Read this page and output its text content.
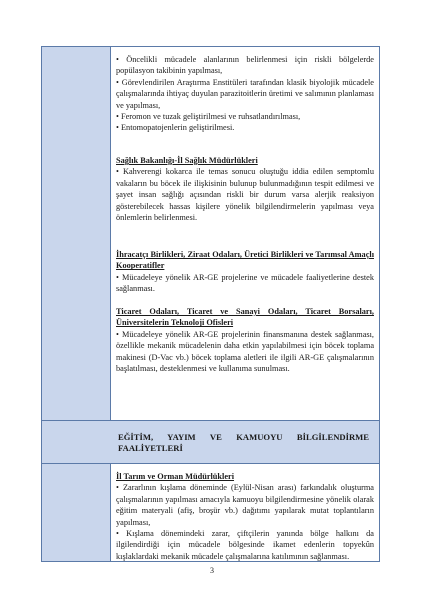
• Öncelikli mücadele alanlarının belirlenmesi için riskli bölgelerde popülasyon takibinin yapılması,

• Görevlendirilen Araştırma Enstitüleri tarafından klasik biyolojik mücadele çalışmalarında ihtiyaç duyulan parazitoitlerin üretimi ve salımının planlaması ve yapılması,

• Feromon ve tuzak geliştirilmesi ve ruhsatlandırılması,

• Entomopatojenlerin geliştirilmesi.

Sağlık Bakanlığı-İl Sağlık Müdürlükleri

• Kahverengi kokarca ile temas sonucu oluştuğu iddia edilen semptomlu vakaların bu böcek ile ilişkisinin bulunup bulunmadığının tespit edilmesi ve şayet insan sağlığı açısından riskli bir durum varsa alerjik reaksiyon gösterebilecek hassas kişilere yönelik bilgilendirmelerin yapılması veya önlemlerin belirlenmesi.

İhracatçı Birlikleri, Ziraat Odaları, Üretici Birlikleri ve Tarımsal Amaçlı Kooperatifler

• Mücadeleye yönelik AR-GE projelerine ve mücadele faaliyetlerine destek sağlanması.

Ticaret Odaları, Ticaret ve Sanayi Odaları, Ticaret Borsaları, Üniversitelerin Teknoloji Ofisleri

• Mücadeleye yönelik AR-GE projelerinin finansmanına destek sağlanması, özellikle mekanik mücadelenin daha etkin yapılabilmesi için böcek toplama makinesi (D-Vac vb.) böcek toplama aletleri ile ilgili AR-GE çalışmalarının başlatılması, desteklenmesi ve kullanıma sunulması.

EĞİTİM, YAYIM VE KAMUOYU BİLGİLENDİRME FAALİYETLERİ

İl Tarım ve Orman Müdürlükleri

• Zararlının kışlama döneminde (Eylül-Nisan arası) farkındalık oluşturma çalışmalarının yapılması amacıyla kamuoyu bilgilendirmesine yönelik olarak eğitim materyali (afiş, broşür vb.) dağıtımı yapılarak mutat toplantıların yapılması,

• Kışlama dönemindeki zarar, çiftçilerin yanında bölge halkını da ilgilendirdiği için mücadele bölgesinde ikamet edenlerin topyekûn kışlaklardaki mekanik mücadele çalışmalarına katılımının sağlanması.

3
